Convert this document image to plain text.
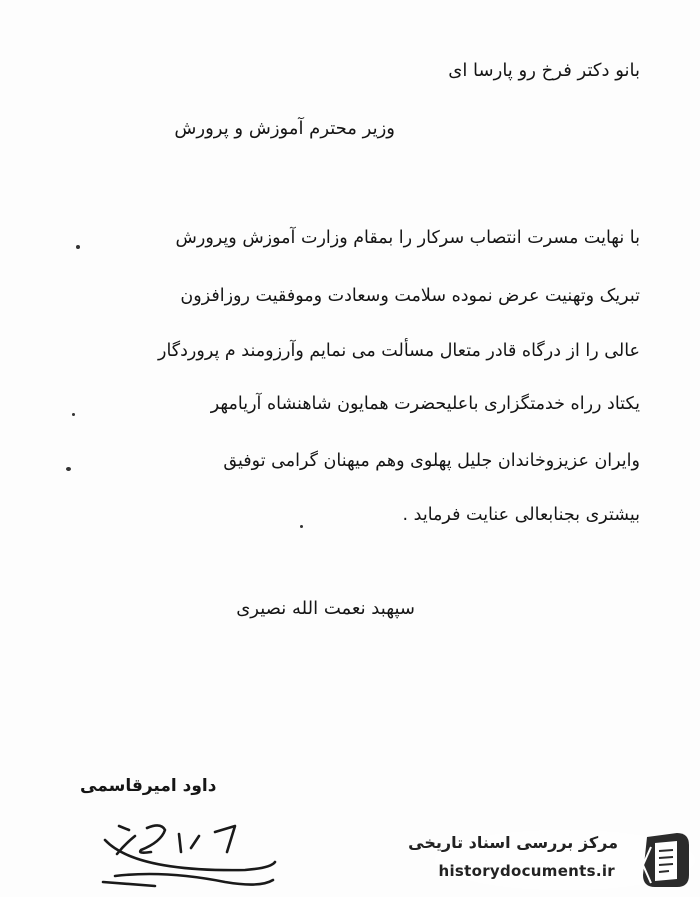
بانو دکتر فرخ رو پارسا ای
وزیر محترم آموزش و پرورش
با نهایت مسرت انتصاب سرکار را بمقام وزارت آموزش وپرورش
تبریک وتهنیت عرض نموده سلامت وسعادت وموفقیت روزافزون
عالی را از درگاه قادر متعال مسألت می نمایم وآرزومند م پروردگار
یکتاد رراه خدمتگزاری باعلیحضرت همایون شاهنشاه آریامهر
وایران عزیزوخاندان جلیل پهلوی وهم میهنان گرامی توفیق
بیشتری بجنابعالی عنایت فرماید .
سپهبد نعمت الله نصیری
داود امیرقاسمی
مرکز بررسی اسناد تاریخی
historydocuments.ir
